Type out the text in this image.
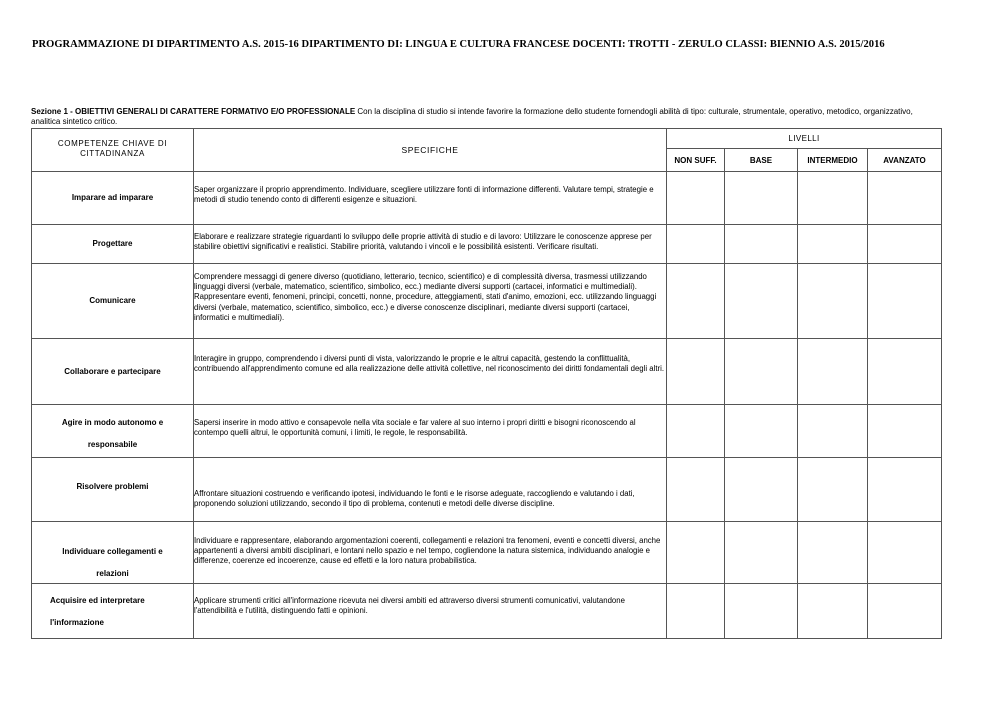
PROGRAMMAZIONE DI DIPARTIMENTO A.S. 2015-16 DIPARTIMENTO DI: LINGUA E CULTURA FRANCESE DOCENTI: TROTTI - ZERULO CLASSI: BIENNIO A.S. 2015/2016
Sezione 1 - OBIETTIVI GENERALI DI CARATTERE FORMATIVO E/O PROFESSIONALE Con la disciplina di studio si intende favorire la formazione dello studente fornendogli abilità di tipo: culturale, strumentale, operativo, metodico, organizzativo, analitica sintetico critico.
COMPETENZE CHIAVE DI CITTADINANZA	SPECIFICHE	LIVELLI			
		NON SUFF.	BASE	INTERMEDIO	AVANZATO
Imparare ad imparare	Saper organizzare il proprio apprendimento. Individuare, scegliere utilizzare fonti di informazione differenti. Valutare tempi, strategie e metodi di studio tenendo conto di differenti esigenze e situazioni.				
Progettare	Elaborare e realizzare strategie riguardanti lo sviluppo delle proprie attività di studio e di lavoro: Utilizzare le conoscenze apprese per stabilire obiettivi significativi e realistici. Stabilire priorità, valutando i vincoli e le possibilità esistenti. Verificare risultati.				
Comunicare	Comprendere messaggi di genere diverso (quotidiano, letterario, tecnico, scientifico) e di complessità diversa, trasmessi utilizzando linguaggi diversi (verbale, matematico, scientifico, simbolico, ecc.) mediante diversi supporti (cartacei, informatici e multimediali). Rappresentare eventi, fenomeni, principi, concetti, nonne, procedure, atteggiamenti, stati d'animo, emozioni, ecc. utilizzando linguaggi diversi (verbale, matematico, scientifico, simbolico, ecc.) e diverse conoscenze disciplinari, mediante diversi supporti (cartacei, informatici e multimediali).				
Collaborare e partecipare	Interagire in gruppo, comprendendo i diversi punti di vista, valorizzando le proprie e le altrui capacità, gestendo la conflittualità, contribuendo all'apprendimento comune ed alla realizzazione delle attività collettive, nel riconoscimento dei diritti fondamentali degli altri.				

Agire in modo autonomo e
responsabile	Sapersi inserire in modo attivo e consapevole nella vita sociale e far valere al suo interno i propri diritti e bisogni riconoscendo al contempo quelli altrui, le opportunità comuni, i limiti, le regole, le responsabilità.				
Risolvere problemi	Affrontare situazioni costruendo e verificando ipotesi, individuando le fonti e le risorse adeguate, raccogliendo e valutando i dati, proponendo soluzioni utilizzando, secondo il tipo di problema, contenuti e metodi delle diverse discipline.				

Individuare collegamenti e
relazioni	Individuare e rappresentare, elaborando argomentazioni coerenti, collegamenti e relazioni tra fenomeni, eventi e concetti diversi, anche appartenenti a diversi ambiti disciplinari, e lontani nello spazio e nel tempo, cogliendone la natura sistemica, individuando analogie e differenze, coerenze ed incoerenze, cause ed effetti e la loro natura probabilistica.				

Acquisire ed interpretare
l'informazione	Applicare strumenti critici all'informazione ricevuta nei diversi ambiti ed attraverso diversi strumenti comunicativi, valutandone l'attendibilità e l'utilità, distinguendo fatti e opinioni.				
